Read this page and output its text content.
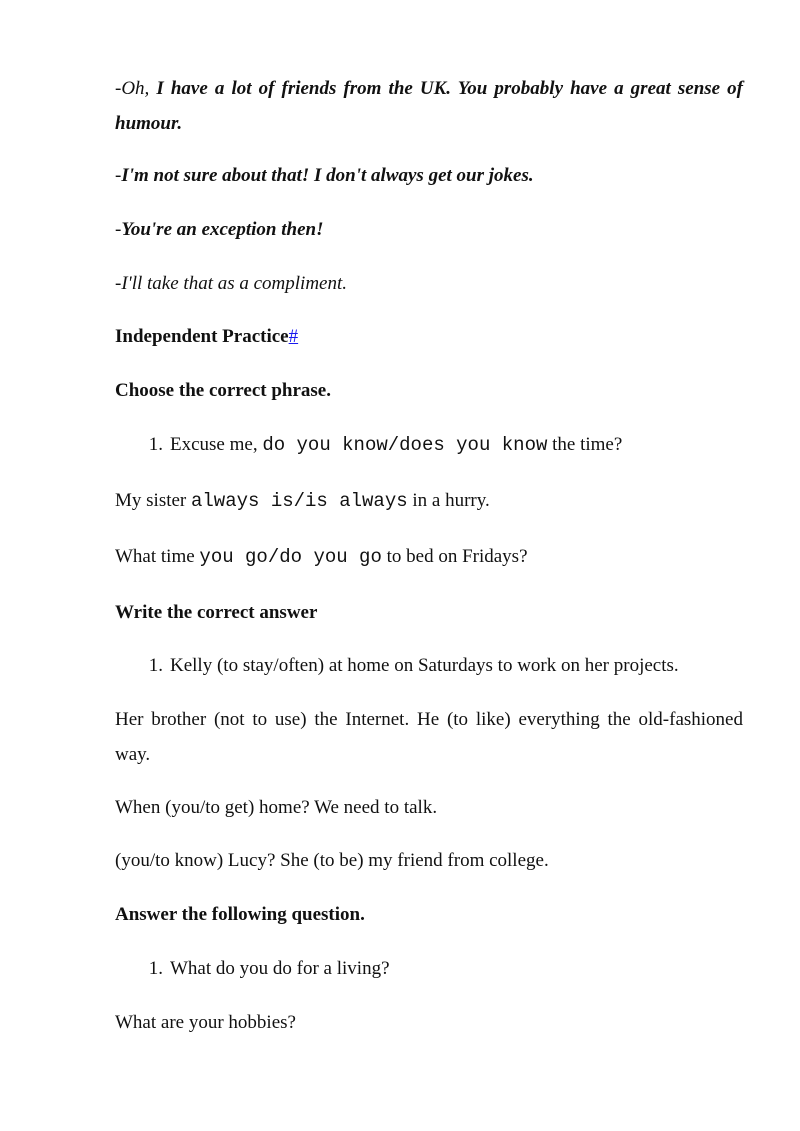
-Oh, I have a lot of friends from the UK. You probably have a great sense of humour.
-I'm not sure about that! I don't always get our jokes.
-You're an exception then!
-I'll take that as a compliment.
Independent Practice#
Choose the correct phrase.
1. Excuse me, do you know/does you know the time?
My sister always is/is always in a hurry.
What time you go/do you go to bed on Fridays?
Write the correct answer
1. Kelly (to stay/often) at home on Saturdays to work on her projects.
Her brother (not to use) the Internet. He (to like) everything the old-fashioned way.
When (you/to get) home? We need to talk.
(you/to know) Lucy? She (to be) my friend from college.
Answer the following question.
1. What do you do for a living?
What are your hobbies?
